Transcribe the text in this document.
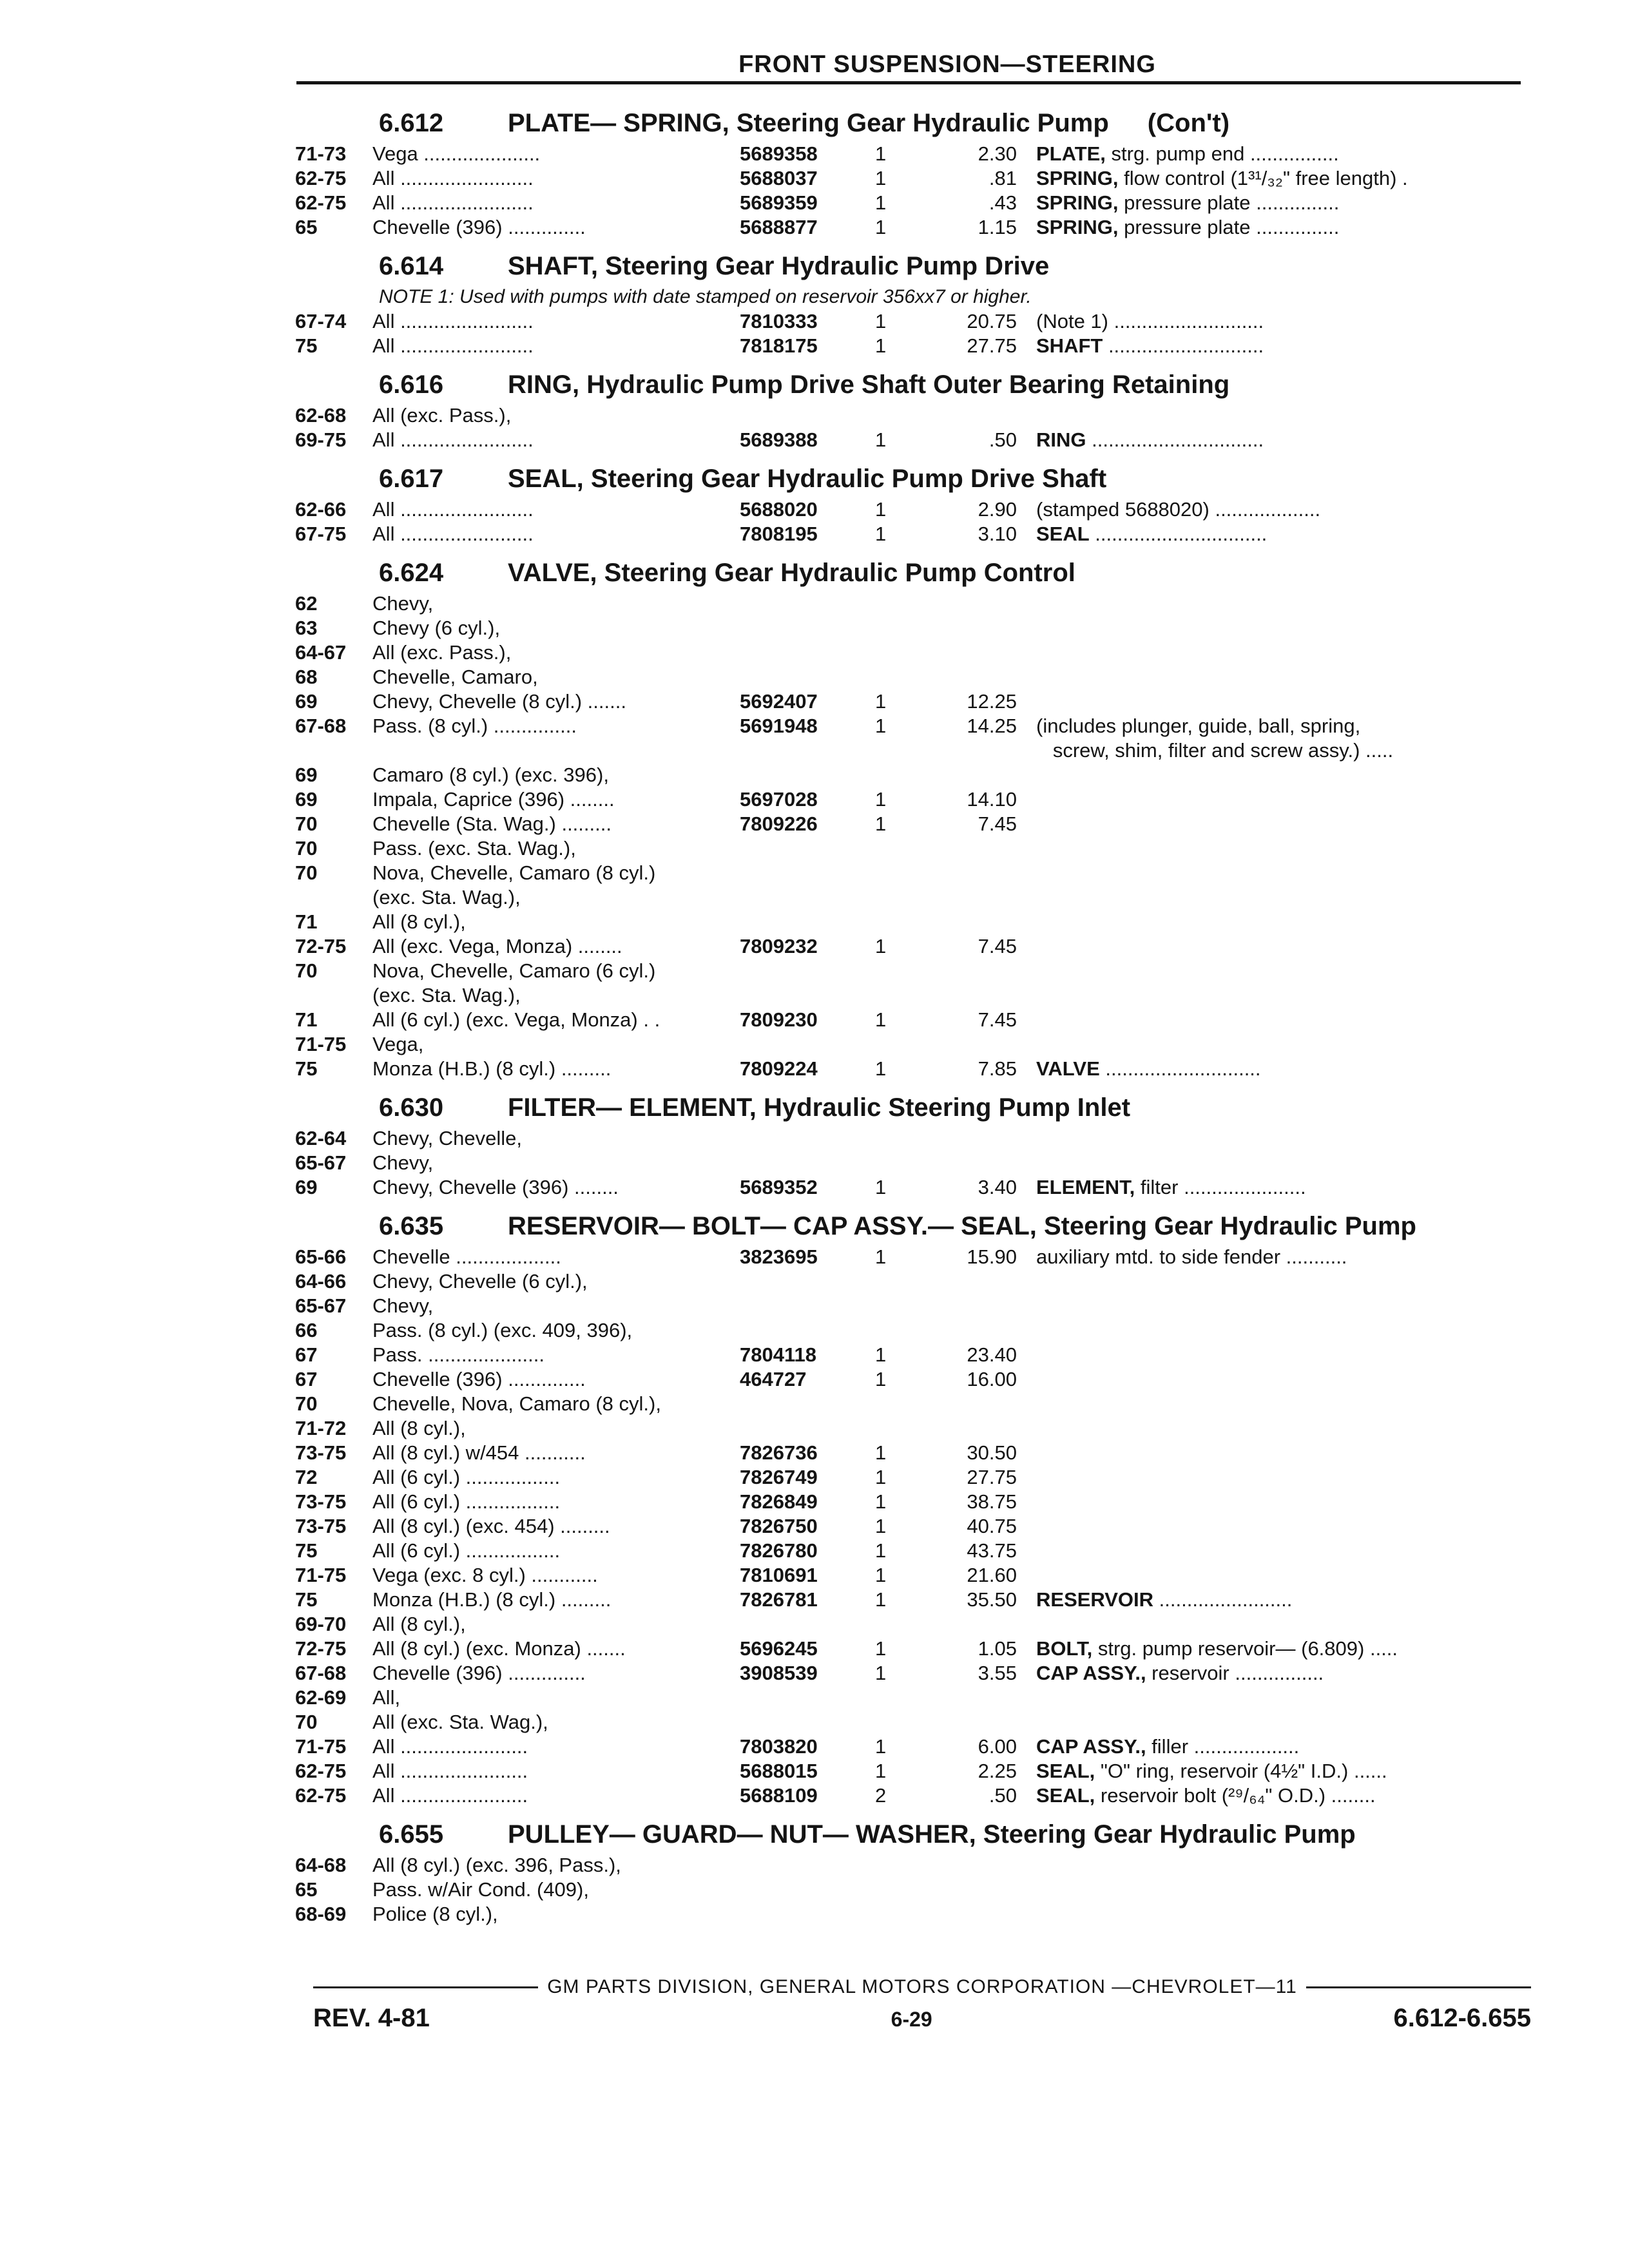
FRONT SUSPENSION—STEERING
6.612	PLATE— SPRING, Steering Gear Hydraulic Pump (Con't)
71-73	Vega .....................	5689358	1	2.30 PLATE, strg. pump end ................
62-75	All ........................	5688037	1	.81 SPRING, flow control (1³¹/₃₂" free length) .
62-75	All ........................	5689359	1	.43 SPRING, pressure plate ...............
65	Chevelle (396) ..............	5688877	1	1.15 SPRING, pressure plate ...............
6.614	SHAFT, Steering Gear Hydraulic Pump Drive
NOTE 1: Used with pumps with date stamped on reservoir 356xx7 or higher.
67-74	All ........................	7810333	1	20.75 (Note 1) ...........................
75	All ........................	7818175	1	27.75 SHAFT ............................
6.616	RING, Hydraulic Pump Drive Shaft Outer Bearing Retaining
62-68	All (exc. Pass.),
69-75	All ........................	5689388	1	.50 RING ...............................
6.617	SEAL, Steering Gear Hydraulic Pump Drive Shaft
62-66	All ........................	5688020	1	2.90 (stamped 5688020) ...................
67-75	All ........................	7808195	1	3.10 SEAL ...............................
6.624	VALVE, Steering Gear Hydraulic Pump Control
62	Chevy,
63	Chevy (6 cyl.),
64-67	All (exc. Pass.),
68	Chevelle, Camaro,
69	Chevy, Chevelle (8 cyl.) .......	5692407	1	12.25
67-68	Pass. (8 cyl.) ...............	5691948	1	14.25 (includes plunger, guide, ball, spring,
screw, shim, filter and screw assy.) .....
69	Camaro (8 cyl.) (exc. 396),
69	Impala, Caprice (396) ........	5697028	1	14.10
70	Chevelle (Sta. Wag.) .........	7809226	1	7.45
70	Pass. (exc. Sta. Wag.),
70	Nova, Chevelle, Camaro (8 cyl.)
(exc. Sta. Wag.),
71	All (8 cyl.),
72-75	All (exc. Vega, Monza) ........	7809232	1	7.45
70	Nova, Chevelle, Camaro (6 cyl.)
(exc. Sta. Wag.),
71	All (6 cyl.) (exc. Vega, Monza) . .	7809230	1	7.45
71-75	Vega,
75	Monza (H.B.) (8 cyl.) .........	7809224	1	7.85 VALVE ............................
6.630	FILTER— ELEMENT, Hydraulic Steering Pump Inlet
62-64	Chevy, Chevelle,
65-67	Chevy,
69	Chevy, Chevelle (396) ........	5689352	1	3.40 ELEMENT, filter ......................
6.635	RESERVOIR— BOLT— CAP ASSY.— SEAL, Steering Gear Hydraulic Pump
65-66	Chevelle ...................	3823695	1	15.90 auxiliary mtd. to side fender ...........
64-66	Chevy, Chevelle (6 cyl.),
65-67	Chevy,
66	Pass. (8 cyl.) (exc. 409, 396),
67	Pass. .....................	7804118	1	23.40
67	Chevelle (396) ..............	464727	1	16.00
70	Chevelle, Nova, Camaro (8 cyl.),
71-72	All (8 cyl.),
73-75	All (8 cyl.) w/454 ...........	7826736	1	30.50
72	All (6 cyl.) .................	7826749	1	27.75
73-75	All (6 cyl.) .................	7826849	1	38.75
73-75	All (8 cyl.) (exc. 454) .........	7826750	1	40.75
75	All (6 cyl.) .................	7826780	1	43.75
71-75	Vega (exc. 8 cyl.) ............	7810691	1	21.60
75	Monza (H.B.) (8 cyl.) .........	7826781	1	35.50 RESERVOIR ........................
69-70	All (8 cyl.),
72-75	All (8 cyl.) (exc. Monza) .......	5696245	1	1.05 BOLT, strg. pump reservoir— (6.809) .....
67-68	Chevelle (396) ..............	3908539	1	3.55 CAP ASSY., reservoir ................
62-69	All,
70	All (exc. Sta. Wag.),
71-75	All .......................	7803820	1	6.00 CAP ASSY., filler ...................
62-75	All .......................	5688015	1	2.25 SEAL, "O" ring, reservoir (4½" I.D.) ......
62-75	All .......................	5688109	2	.50 SEAL, reservoir bolt (²⁹/₆₄" O.D.) ........
6.655	PULLEY— GUARD— NUT— WASHER, Steering Gear Hydraulic Pump
64-68	All (8 cyl.) (exc. 396, Pass.),
65	Pass. w/Air Cond. (409),
68-69	Police (8 cyl.),
GM PARTS DIVISION, GENERAL MOTORS CORPORATION —CHEVROLET—11
REV. 4-81	6-29	6.612-6.655
